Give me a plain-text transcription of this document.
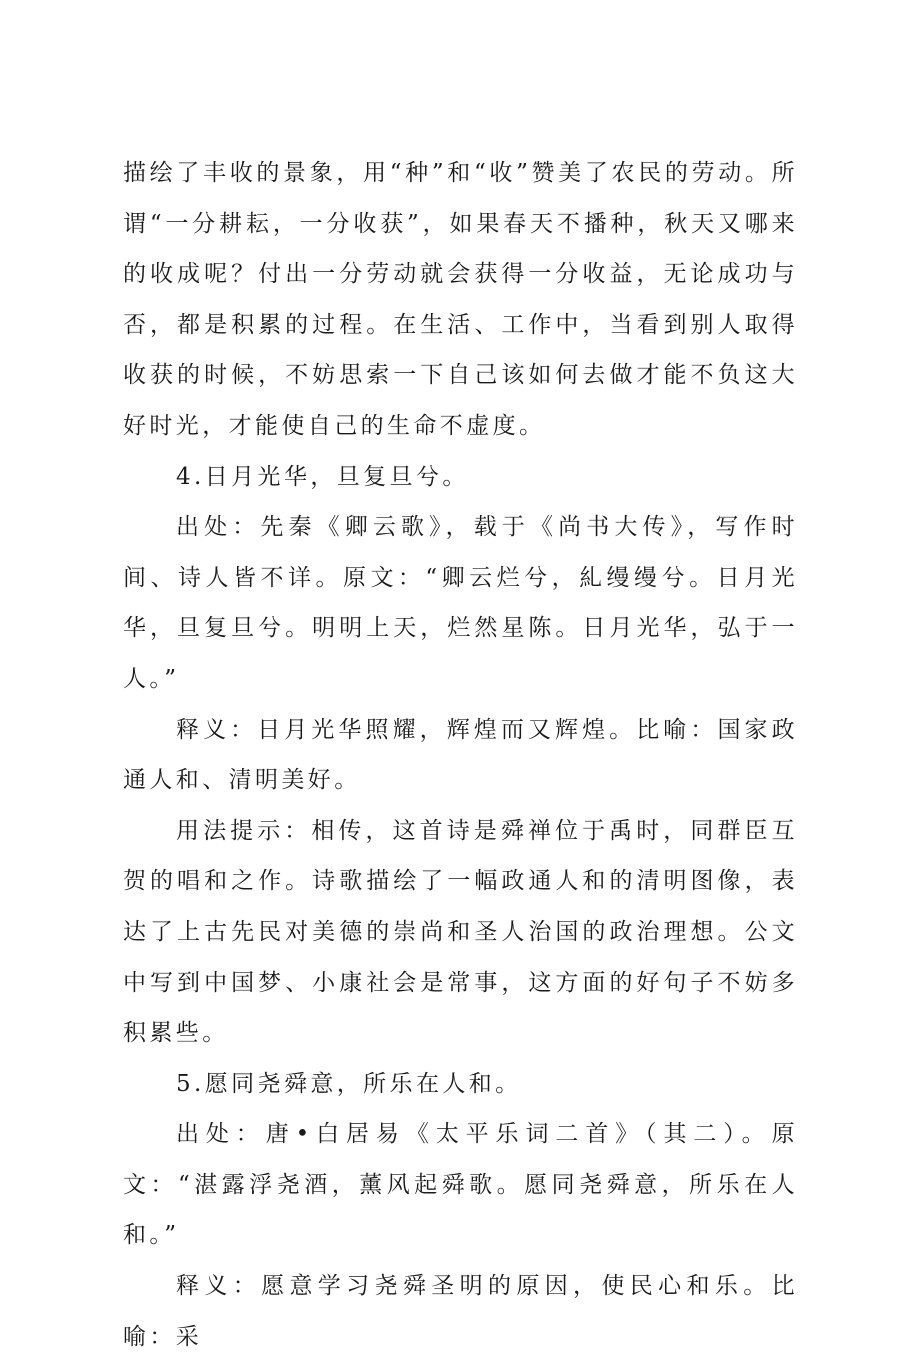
描绘了丰收的景象，用“种”和“收”赞美了农民的劳动。所谓“一分耕耘，一分收获”，如果春天不播种，秋天又哪来的收成呢？付出一分劳动就会获得一分收益，无论成功与否，都是积累的过程。在生活、工作中，当看到别人取得收获的时候，不妨思索一下自己该如何去做才能不负这大好时光，才能使自己的生命不虚度。

4.日月光华，旦复旦兮。

出处：先秦《卿云歌》，载于《尚书大传》，写作时间、诗人皆不详。原文：“卿云烂兮，糺缦缦兮。日月光华，旦复旦兮。明明上天，烂然星陈。日月光华，弘于一人。”

释义：日月光华照耀，辉煌而又辉煌。比喻：国家政通人和、清明美好。

用法提示：相传，这首诗是舜禅位于禹时，同群臣互贺的唱和之作。诗歌描绘了一幅政通人和的清明图像，表达了上古先民对美德的崇尚和圣人治国的政治理想。公文中写到中国梦、小康社会是常事，这方面的好句子不妨多积累些。

5.愿同尧舜意，所乐在人和。

出处：唐•白居易《太平乐词二首》（其二）。原文：“湛露浮尧酒，薰风起舜歌。愿同尧舜意，所乐在人和。”

释义：愿意学习尧舜圣明的原因，使民心和乐。比喻：采
